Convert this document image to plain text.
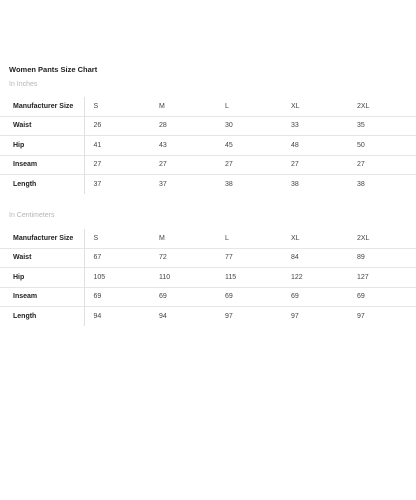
Women Pants Size Chart
In Inches
Manufacturer Size	S	M	L	XL	2XL
Waist	26	28	30	33	35
Hip	41	43	45	48	50
Inseam	27	27	27	27	27
Length	37	37	38	38	38
In Centimeters
Manufacturer Size	S	M	L	XL	2XL
Waist	67	72	77	84	89
Hip	105	110	115	122	127
Inseam	69	69	69	69	69
Length	94	94	97	97	97
